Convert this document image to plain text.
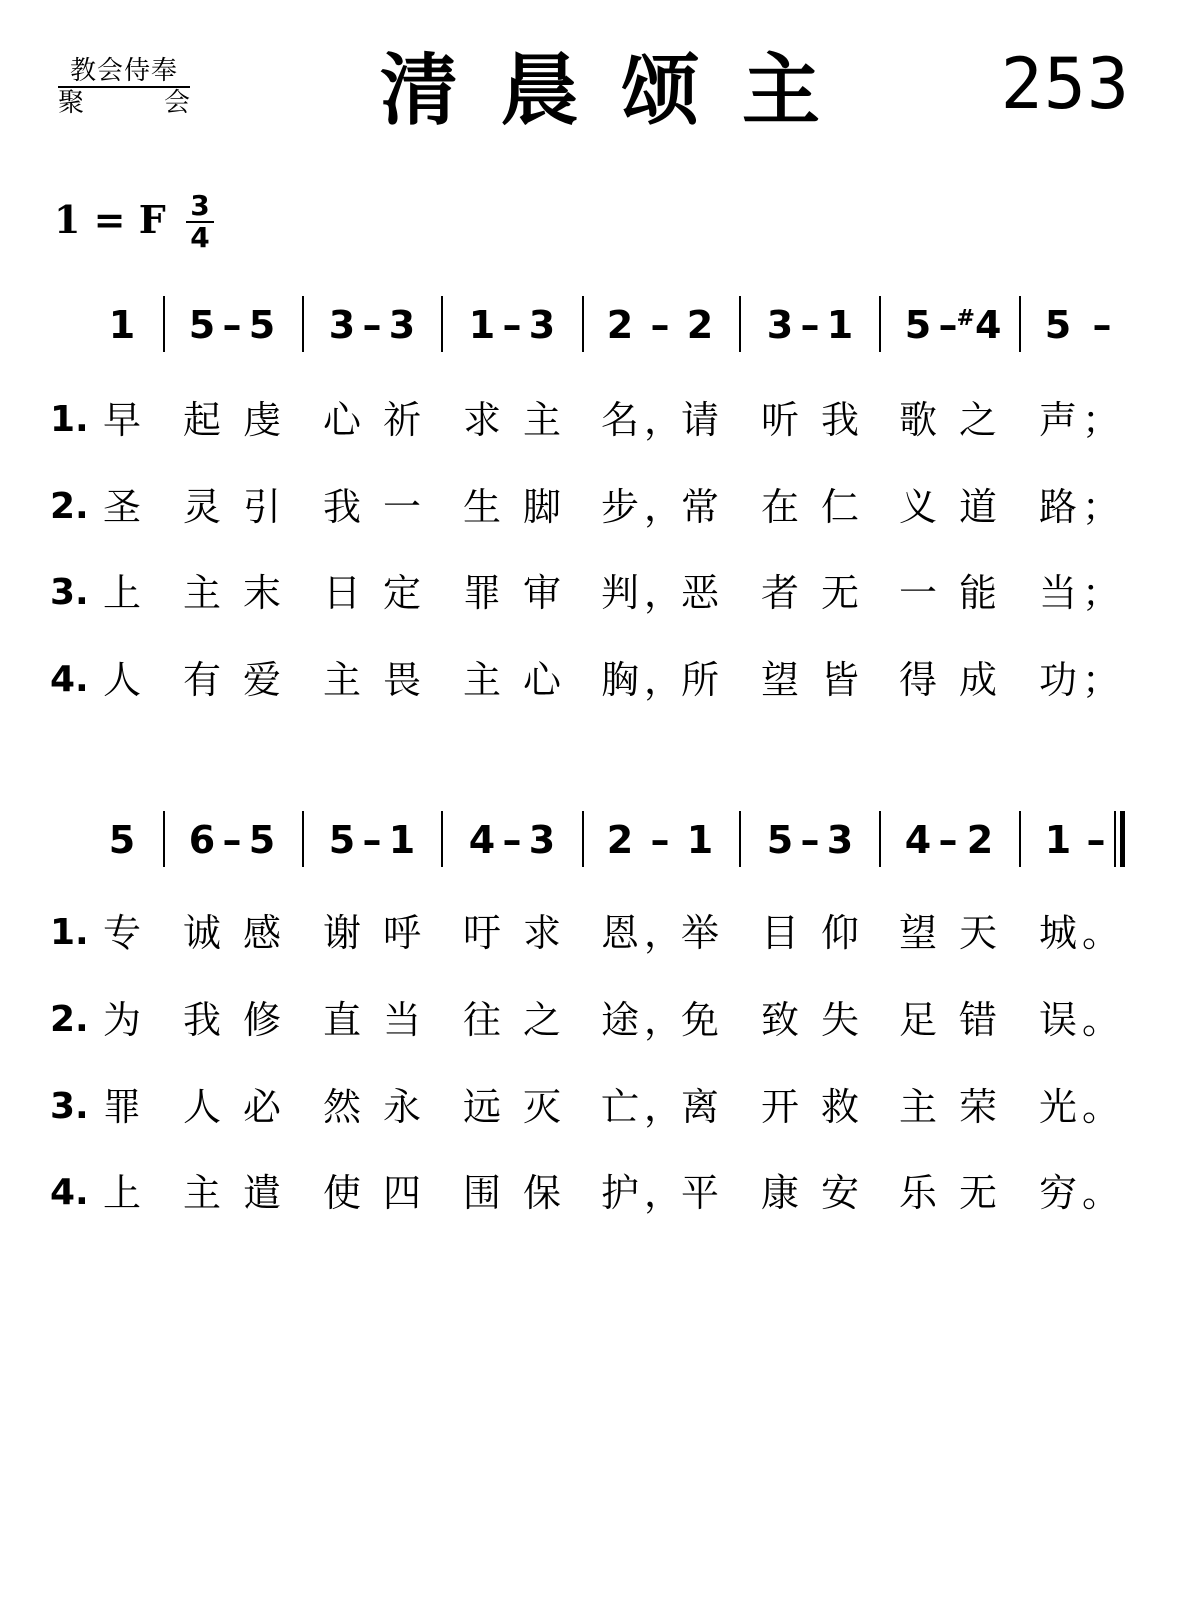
教会侍奉
聚	会 清 晨 颂 主	253
1 = F 3
4
1 5 – 5 3 – 3 1 – 3 2 – 2 3 – 1 5 – #4 5 –
1. 早 起 虔 心 祈 求 主 名 请 听 我 歌 之 声
，	；
2. 圣 灵 引 我 一 生 脚 步 常 在 仁 义 道 路
，	；
3. 上 主 末 日 定 罪 审 判 恶 者 无 一 能 当
，	；
4. 人 有 爱 主 畏 主 心 胸 所 望 皆 得 成 功
，	；
5 6 – 5 5 – 1 4 – 3 2 – 1 5 – 3 4 – 2 1 –
1. 专 诚 感 谢 呼 吁 求 恩 举 目 仰 望 天 城
，	。
2. 为 我 修 直 当 往 之 途 免 致 失 足 错 误
，	。
3. 罪 人 必 然 永 远 灭 亡 离 开 救 主 荣 光
，	。
4. 上 主 遣 使 四 围 保 护 平 康 安 乐 无 穷
，	。
